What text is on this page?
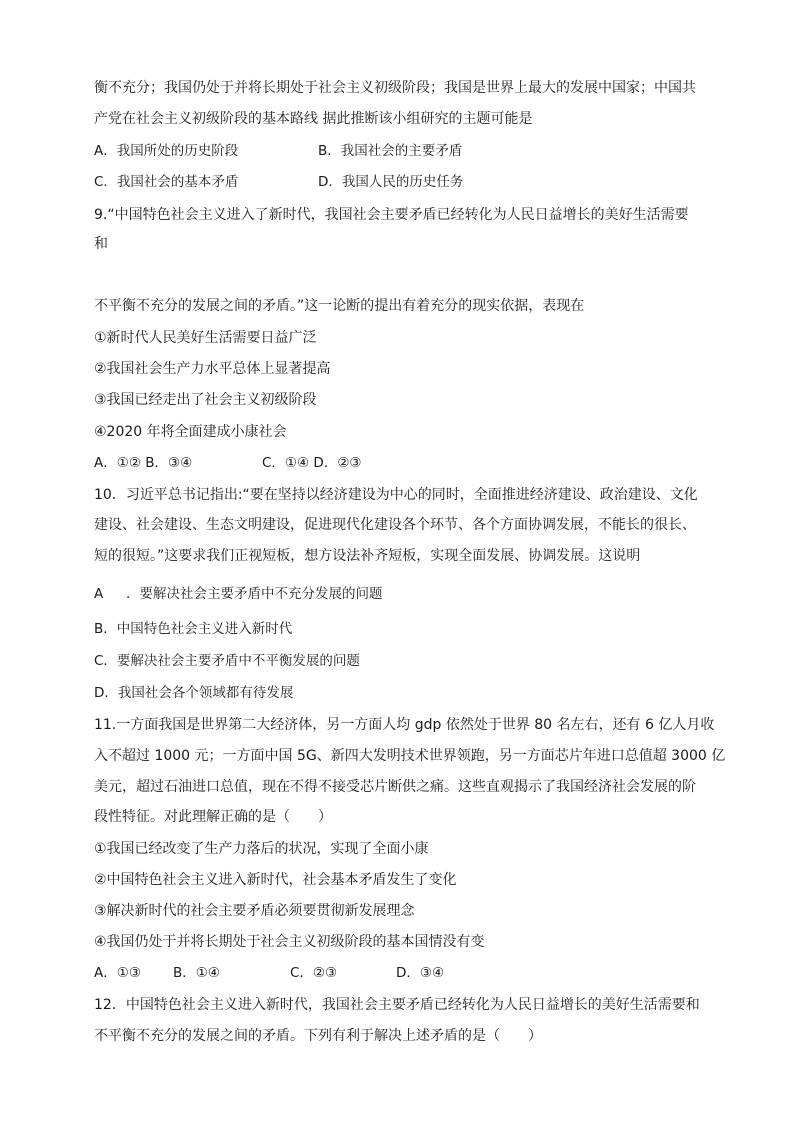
衡不充分；我国仍处于并将长期处于社会主义初级阶段；我国是世界上最大的发展中国家；中国共
产党在社会主义初级阶段的基本路线 据此推断该小组研究的主题可能是
A．我国所处的历史阶段	B．我国社会的主要矛盾
C．我国社会的基本矛盾	D．我国人民的历史任务
9.“中国特色社会主义进入了新时代，我国社会主要矛盾已经转化为人民日益增长的美好生活需要
和
不平衡不充分的发展之间的矛盾。”这一论断的提出有着充分的现实依据，表现在
①新时代人民美好生活需要日益广泛
②我国社会生产力水平总体上显著提高
③我国已经走出了社会主义初级阶段
④2020 年将全面建成小康社会
A．①② B．③④	C．①④ D．②③
10．习近平总书记指出:“要在坚持以经济建设为中心的同时，全面推进经济建设、政治建设、文化
建设、社会建设、生态文明建设，促进现代化建设各个环节、各个方面协调发展，不能长的很长、
短的很短。”这要求我们正视短板，想方设法补齐短板，实现全面发展、协调发展。这说明
A ．要解决社会主要矛盾中不充分发展的问题
B．中国特色社会主义进入新时代
C．要解决社会主要矛盾中不平衡发展的问题
D．我国社会各个领域都有待发展
11.一方面我国是世界第二大经济体，另一方面人均 gdp 依然处于世界 80 名左右，还有 6 亿人月收
入不超过 1000 元；一方面中国 5G、新四大发明技术世界领跑，另一方面芯片年进口总值超 3000 亿
美元，超过石油进口总值，现在不得不接受芯片断供之痛。这些直观揭示了我国经济社会发展的阶
段性特征。对此理解正确的是（　　）
①我国已经改变了生产力落后的状况，实现了全面小康
②中国特色社会主义进入新时代，社会基本矛盾发生了变化
③解决新时代的社会主要矛盾必须要贯彻新发展理念
④我国仍处于并将长期处于社会主义初级阶段的基本国情没有变
A．①③ B．①④	C．②③	D．③④
12．中国特色社会主义进入新时代，我国社会主要矛盾已经转化为人民日益增长的美好生活需要和
不平衡不充分的发展之间的矛盾。下列有利于解决上述矛盾的是（　　）
